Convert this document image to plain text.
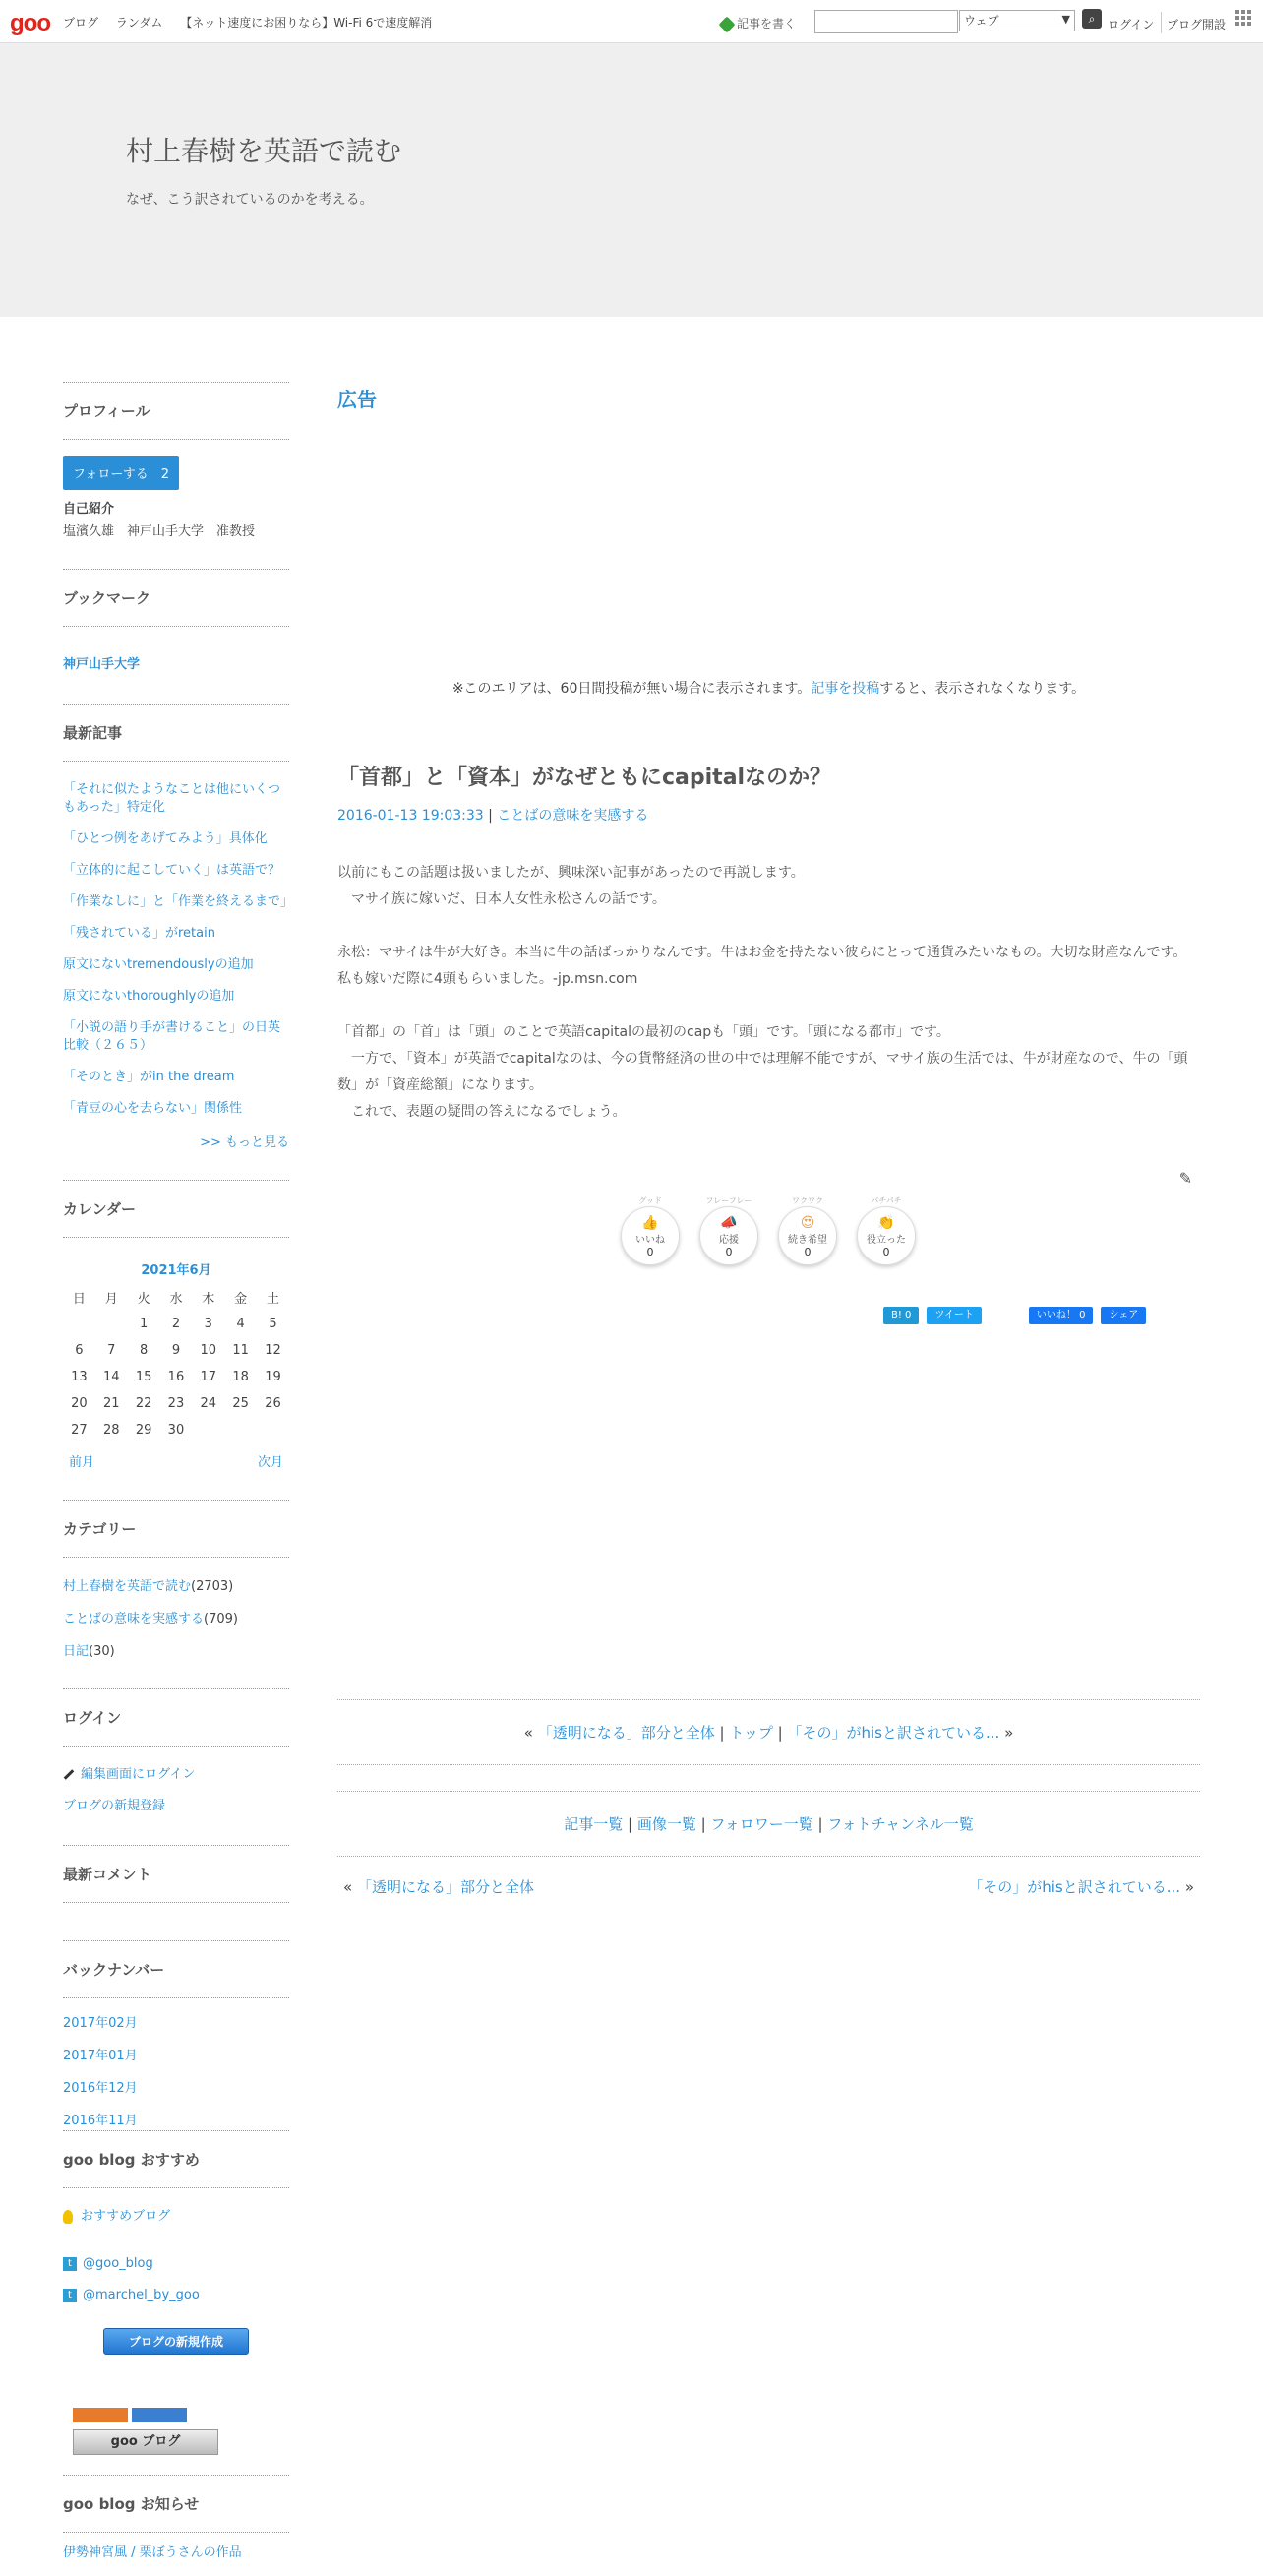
goo ブログ ランダム 【ネット速度にお困りなら】Wi-Fi 6で速度解消	記事を書く	ウェブ	▼	⌕	ログイン ブログ開設
村上春樹を英語で読む
なぜ、こう訳されているのかを考える。
プロフィール
フォローする　2
自己紹介
塩濱久雄　神戸山手大学　准教授
ブックマーク
神戸山手大学
最新記事
「それに似たようなことは他にいくつもあった」特定化
「ひとつ例をあげてみよう」具体化
「立体的に起こしていく」は英語で？
「作業なしに」と「作業を終えるまで」
「残されている」がretain
原文にないtremendouslyの追加
原文にないthoroughlyの追加
「小説の語り手が書けること」の日英比較（２６５）
「そのとき」がin the dream
「青豆の心を去らない」関係性
>> もっと見る
カレンダー
2021年6月
日	月	火	水	木	金	土
		1	2	3	4	5
6	7	8	9	10	11	12
13	14	15	16	17	18	19
20	21	22	23	24	25	26
27	28	29	30			
前月	次月
カテゴリー
村上春樹を英語で読む(2703)
ことばの意味を実感する(709)
日記(30)
ログイン
編集画面にログイン
ブログの新規登録
最新コメント
バックナンバー
2017年02月
2017年01月
2016年12月
2016年11月
goo blog おすすめ
おすすめブログ
t @goo_blog
t @marchel_by_goo
ブログの新規作成
goo ブログ
goo blog お知らせ
伊勢神宮風 / 栗ぼうさんの作品
広告
※このエリアは、60日間投稿が無い場合に表示されます。記事を投稿すると、表示されなくなります。
「首都」と「資本」がなぜともにcapitalなのか？
2016-01-13 19:03:33 | ことばの意味を実感する

以前にもこの話題は扱いましたが、興味深い記事があったので再説します。
　マサイ族に嫁いだ、日本人女性永松さんの話です。

永松：マサイは牛が大好き。本当に牛の話ばっかりなんです。牛はお金を持たない彼らにとって通貨みたいなもの。大切な財産なんです。私も嫁いだ際に4頭もらいました。-jp.msn.com

「首都」の「首」は「頭」のことで英語capitalの最初のcapも「頭」です。「頭になる都市」です。
　一方で、「資本」が英語でcapitalなのは、今の貨幣経済の世の中では理解不能ですが、マサイ族の生活では、牛が財産なので、牛の「頭数」が「資産総額」になります。
　これで、表題の疑問の答えになるでしょう。

✎
グッド
👍
いいね
0
フレーフレー
📣
応援
0
ワクワク
😍
続き希望
0
パチパチ
👏
役立った
0
B! 0	ツイート	いいね！ 0	シェア
« 「透明になる」部分と全体 | トップ | 「その」がhisと訳されている... »
記事一覧 | 画像一覧 | フォロワー一覧 | フォトチャンネル一覧
« 「透明になる」部分と全体	「その」がhisと訳されている... »
